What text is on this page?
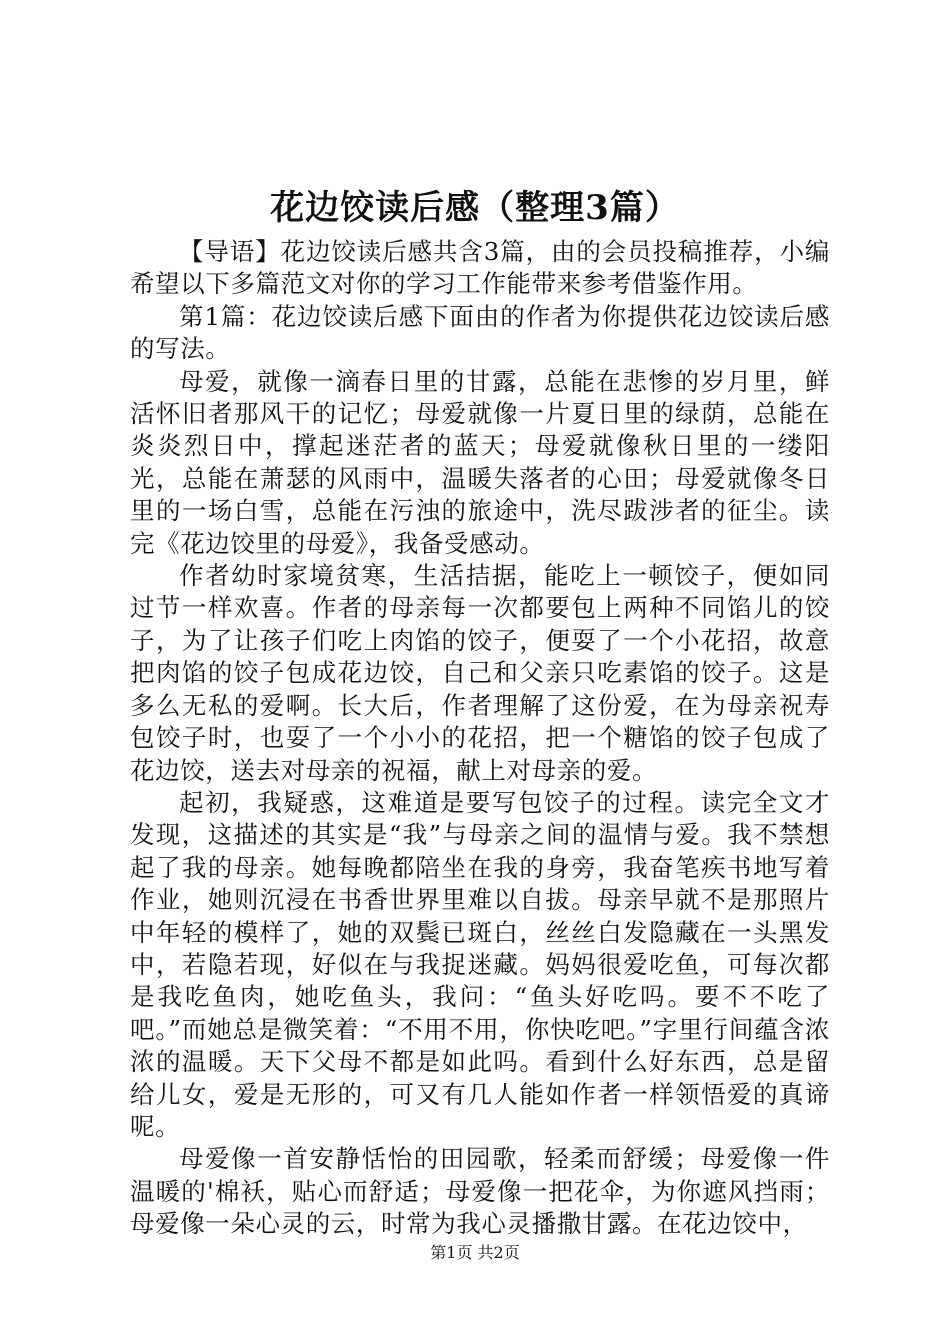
花边饺读后感（整理3篇）

【导语】花边饺读后感共含3篇，由的会员投稿推荐，小编希望以下多篇范文对你的学习工作能带来参考借鉴作用。

第1篇：花边饺读后感下面由的作者为你提供花边饺读后感的写法。

母爱，就像一滴春日里的甘露，总能在悲惨的岁月里，鲜活怀旧者那风干的记忆；母爱就像一片夏日里的绿荫，总能在炎炎烈日中，撑起迷茫者的蓝天；母爱就像秋日里的一缕阳光，总能在萧瑟的风雨中，温暖失落者的心田；母爱就像冬日里的一场白雪，总能在污浊的旅途中，洗尽跋涉者的征尘。读完《花边饺里的母爱》，我备受感动。

作者幼时家境贫寒，生活拮据，能吃上一顿饺子，便如同过节一样欢喜。作者的母亲每一次都要包上两种不同馅儿的饺子，为了让孩子们吃上肉馅的饺子，便耍了一个小花招，故意把肉馅的饺子包成花边饺，自己和父亲只吃素馅的饺子。这是多么无私的爱啊。长大后，作者理解了这份爱，在为母亲祝寿包饺子时，也耍了一个小小的花招，把一个糖馅的饺子包成了花边饺，送去对母亲的祝福，献上对母亲的爱。

起初，我疑惑，这难道是要写包饺子的过程。读完全文才发现，这描述的其实是“我”与母亲之间的温情与爱。我不禁想起了我的母亲。她每晚都陪坐在我的身旁，我奋笔疾书地写着作业，她则沉浸在书香世界里难以自拔。母亲早就不是那照片中年轻的模样了，她的双鬓已斑白，丝丝白发隐藏在一头黑发中，若隐若现，好似在与我捉迷藏。妈妈很爱吃鱼，可每次都是我吃鱼肉，她吃鱼头，我问：“鱼头好吃吗。要不不吃了吧。”而她总是微笑着：“不用不用，你快吃吧。”字里行间蕴含浓浓的温暖。天下父母不都是如此吗。看到什么好东西，总是留给儿女，爱是无形的，可又有几人能如作者一样领悟爱的真谛呢。

母爱像一首安静恬怡的田园歌，轻柔而舒缓；母爱像一件温暖的'棉袄，贴心而舒适；母爱像一把花伞，为你遮风挡雨；母爱像一朵心灵的云，时常为我心灵播撒甘露。在花边饺中，

第1页 共2页
